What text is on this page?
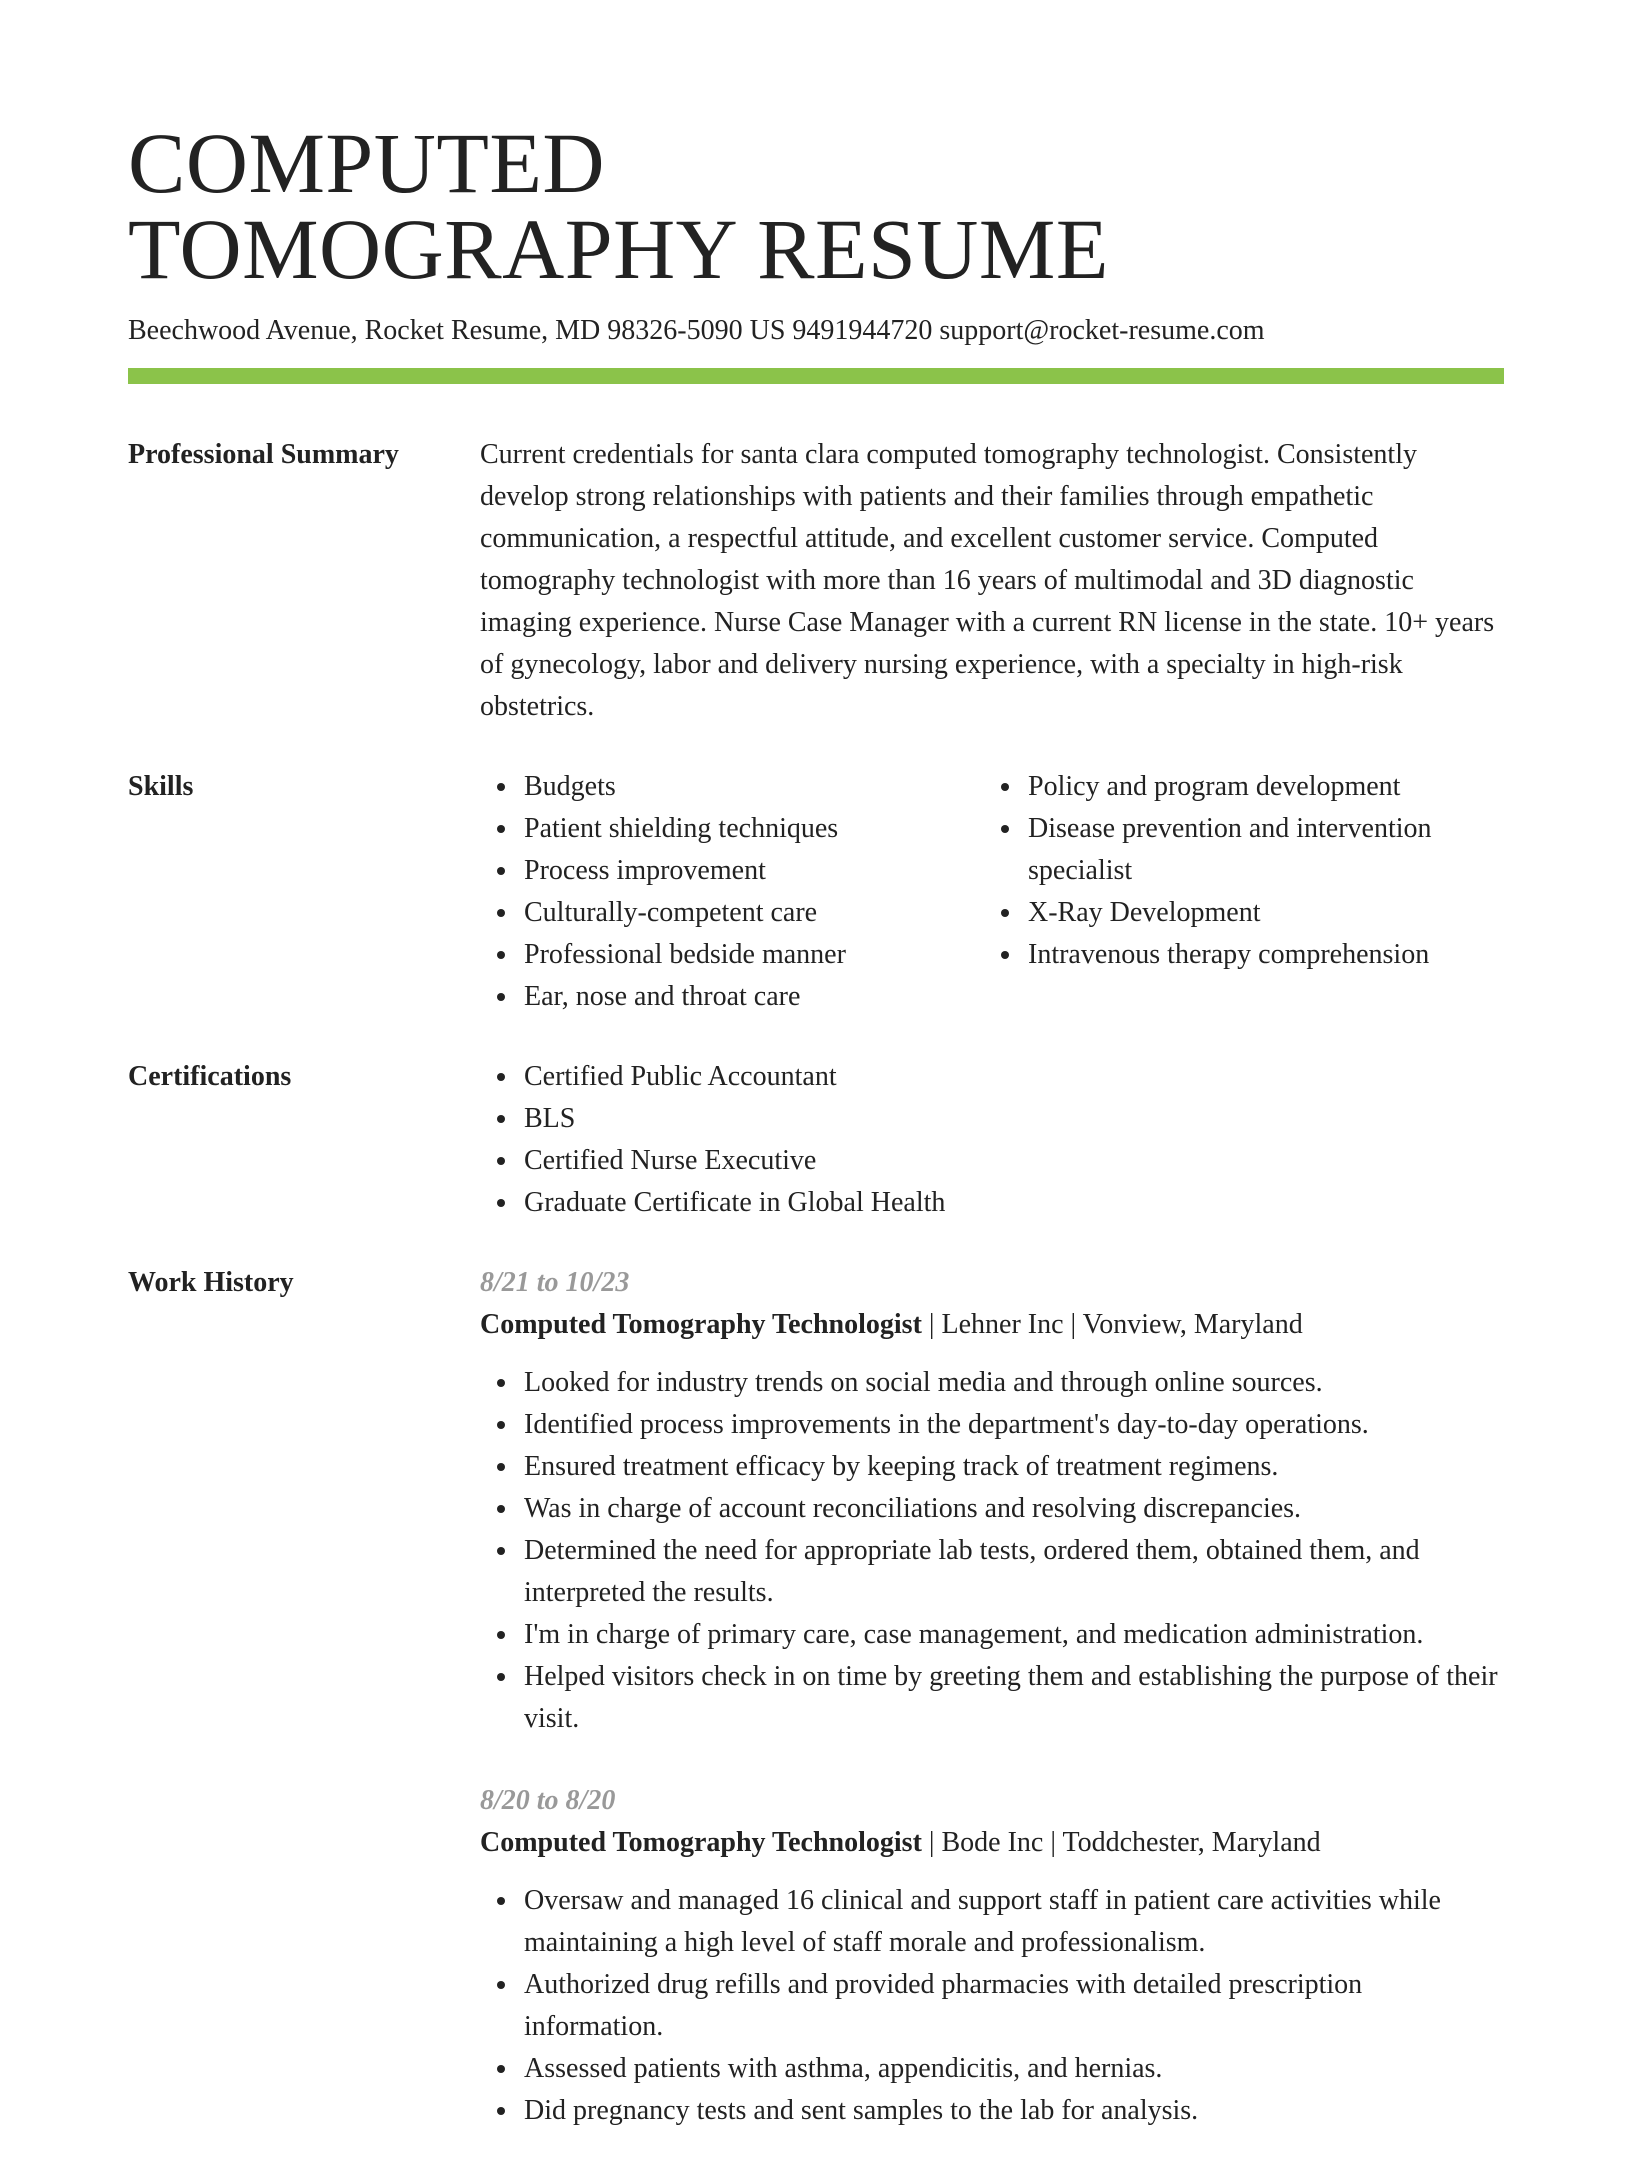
COMPUTED
TOMOGRAPHY RESUME
Beechwood Avenue, Rocket Resume, MD 98326-5090 US 9491944720 support@rocket-resume.com
Professional Summary	Current credentials for santa clara computed tomography technologist. Consistently develop strong relationships with patients and their families through empathetic communication, a respectful attitude, and excellent customer service. Computed tomography technologist with more than 16 years of multimodal and 3D diagnostic imaging experience. Nurse Case Manager with a current RN license in the state. 10+ years of gynecology, labor and delivery nursing experience, with a specialty in high-risk obstetrics.

Skills	Budgets
Patient shielding techniques
Process improvement
Culturally-competent care
Professional bedside manner
Ear, nose and throat care
Policy and program development
Disease prevention and intervention specialist
X-Ray Development
Intravenous therapy comprehension
Certifications	Certified Public Accountant
BLS
Certified Nurse Executive
Graduate Certificate in Global Health
Work History	8/21 to 10/23
Computed Tomography Technologist | Lehner Inc | Vonview, Maryland
Looked for industry trends on social media and through online sources.
Identified process improvements in the department's day-to-day operations.
Ensured treatment efficacy by keeping track of treatment regimens.
Was in charge of account reconciliations and resolving discrepancies.
Determined the need for appropriate lab tests, ordered them, obtained them, and interpreted the results.
I'm in charge of primary care, case management, and medication administration.
Helped visitors check in on time by greeting them and establishing the purpose of their visit.
8/20 to 8/20
Computed Tomography Technologist | Bode Inc | Toddchester, Maryland
Oversaw and managed 16 clinical and support staff in patient care activities while maintaining a high level of staff morale and professionalism.
Authorized drug refills and provided pharmacies with detailed prescription information.
Assessed patients with asthma, appendicitis, and hernias.
Did pregnancy tests and sent samples to the lab for analysis.
